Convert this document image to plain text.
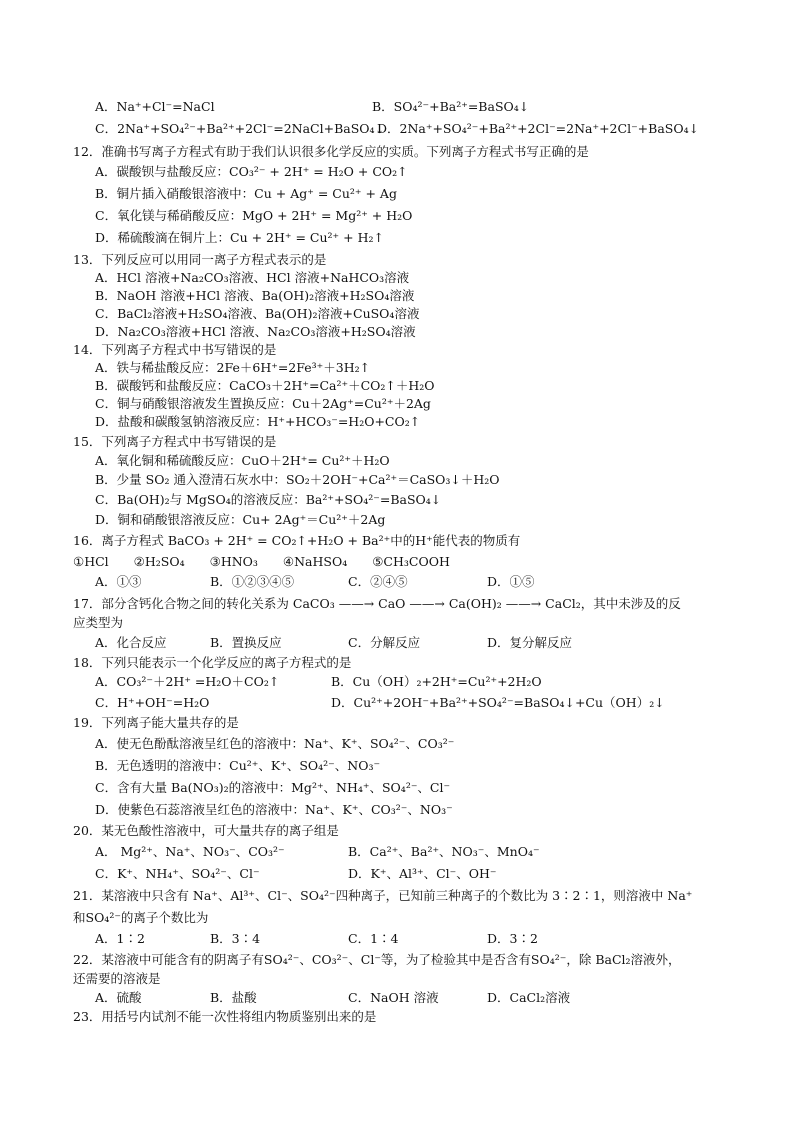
A．Na⁺+Cl⁻=NaCl	B．SO₄²⁻+Ba²⁺=BaSO₄↓
C．2Na⁺+SO₄²⁻+Ba²⁺+2Cl⁻=2NaCl+BaSO₄↓
D．2Na⁺+SO₄²⁻+Ba²⁺+2Cl⁻=2Na⁺+2Cl⁻+BaSO₄↓
12．准确书写离子方程式有助于我们认识很多化学反应的实质。下列离子方程式书写正确的是
A．碳酸钡与盐酸反应：CO₃²⁻ + 2H⁺ = H₂O + CO₂↑
B．铜片插入硝酸银溶液中：Cu + Ag⁺ = Cu²⁺ + Ag
C．氧化镁与稀硝酸反应：MgO + 2H⁺ = Mg²⁺ + H₂O
D．稀硫酸滴在铜片上：Cu + 2H⁺ = Cu²⁺ + H₂↑
13．下列反应可以用同一离子方程式表示的是
A．HCl 溶液+Na₂CO₃溶液、HCl 溶液+NaHCO₃溶液
B．NaOH 溶液+HCl 溶液、Ba(OH)₂溶液+H₂SO₄溶液
C．BaCl₂溶液+H₂SO₄溶液、Ba(OH)₂溶液+CuSO₄溶液
D．Na₂CO₃溶液+HCl 溶液、Na₂CO₃溶液+H₂SO₄溶液
14．下列离子方程式中书写错误的是
A．铁与稀盐酸反应：2Fe＋6H⁺=2Fe³⁺＋3H₂↑
B．碳酸钙和盐酸反应：CaCO₃＋2H⁺=Ca²⁺＋CO₂↑＋H₂O
C．铜与硝酸银溶液发生置换反应：Cu＋2Ag⁺=Cu²⁺＋2Ag
D．盐酸和碳酸氢钠溶液反应：H⁺+HCO₃⁻=H₂O+CO₂↑
15．下列离子方程式中书写错误的是
A．氧化铜和稀硫酸反应：CuO＋2H⁺= Cu²⁺＋H₂O
B．少量 SO₂ 通入澄清石灰水中：SO₂＋2OH⁻+Ca²⁺＝CaSO₃↓＋H₂O
C．Ba(OH)₂与 MgSO₄的溶液反应：Ba²⁺+SO₄²⁻=BaSO₄↓
D．铜和硝酸银溶液反应：Cu+ 2Ag⁺＝Cu²⁺＋2Ag
16．离子方程式 BaCO₃ + 2H⁺ = CO₂↑+H₂O + Ba²⁺中的H⁺能代表的物质有
①HCl　　②H₂SO₄　　③HNO₃　　④NaHSO₄　　⑤CH₃COOH
A．①③	B．①②③④⑤	C．②④⑤	D．①⑤
17．部分含钙化合物之间的转化关系为 CaCO₃ ——→ CaO ——→ Ca(OH)₂ ——→ CaCl₂，其中未涉及的反
应类型为
A．化合反应	B．置换反应	C．分解反应	D．复分解反应
18．下列只能表示一个化学反应的离子方程式的是
A．CO₃²⁻＋2H⁺ =H₂O＋CO₂↑	B．Cu（OH）₂+2H⁺=Cu²⁺+2H₂O
C．H⁺+OH⁻=H₂O	D．Cu²⁺+2OH⁻+Ba²⁺+SO₄²⁻=BaSO₄↓+Cu（OH）₂↓
19．下列离子能大量共存的是
A．使无色酚酞溶液呈红色的溶液中：Na⁺、K⁺、SO₄²⁻、CO₃²⁻
B．无色透明的溶液中：Cu²⁺、K⁺、SO₄²⁻、NO₃⁻
C．含有大量 Ba(NO₃)₂的溶液中：Mg²⁺、NH₄⁺、SO₄²⁻、Cl⁻
D．使紫色石蕊溶液呈红色的溶液中：Na⁺、K⁺、CO₃²⁻、NO₃⁻
20．某无色酸性溶液中，可大量共存的离子组是
A． Mg²⁺、Na⁺、NO₃⁻、CO₃²⁻	B．Ca²⁺、Ba²⁺、NO₃⁻、MnO₄⁻
C．K⁺、NH₄⁺、SO₄²⁻、Cl⁻	D．K⁺、Al³⁺、Cl⁻、OH⁻
21．某溶液中只含有 Na⁺、Al³⁺、Cl⁻、SO₄²⁻四种离子，已知前三种离子的个数比为 3∶2∶1，则溶液中 Na⁺
和SO₄²⁻的离子个数比为
A．1∶2	B．3∶4	C．1∶4	D．3∶2
22．某溶液中可能含有的阴离子有SO₄²⁻、CO₃²⁻、Cl⁻等，为了检验其中是否含有SO₄²⁻，除 BaCl₂溶液外，
还需要的溶液是
A．硫酸	B．盐酸	C．NaOH 溶液	D．CaCl₂溶液
23．用括号内试剂不能一次性将组内物质鉴别出来的是
